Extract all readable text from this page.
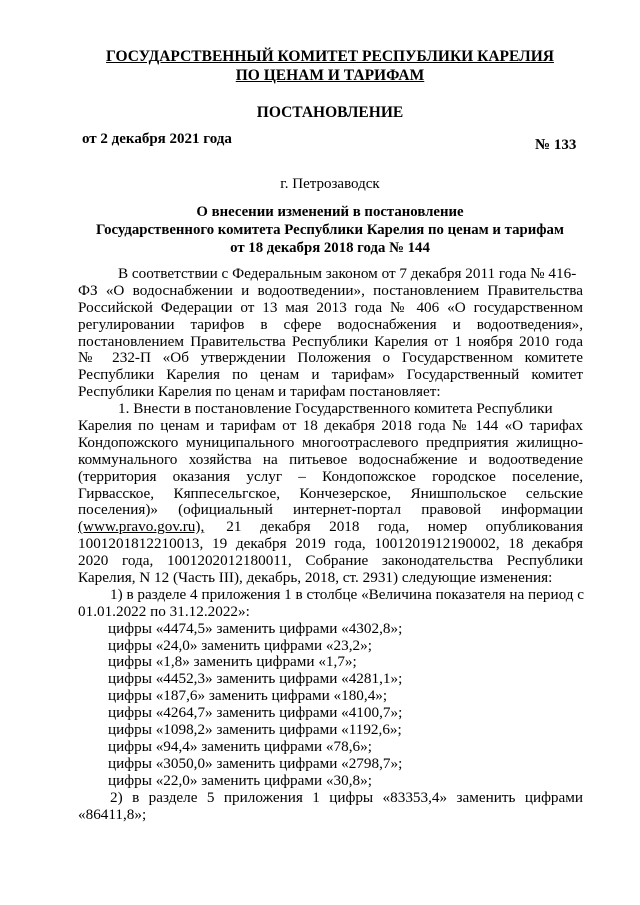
ГОСУДАРСТВЕННЫЙ КОМИТЕТ РЕСПУБЛИКИ КАРЕЛИЯ
ПО ЦЕНАМ И ТАРИФАМ
ПОСТАНОВЛЕНИЕ
от 2 декабря 2021 года	№ 133
г. Петрозаводск
О внесении изменений в постановление
Государственного комитета Республики Карелия по ценам и тарифам
от 18 декабря 2018 года № 144
В соответствии с Федеральным законом от 7 декабря 2011 года № 416-
ФЗ «О водоснабжении и водоотведении», постановлением Правительства
Российской Федерации от 13 мая 2013 года № 406 «О государственном
регулировании тарифов в сфере водоснабжения и водоотведения»,
постановлением Правительства Республики Карелия от 1 ноября 2010 года
№ 232-П «Об утверждении Положения о Государственном комитете
Республики Карелия по ценам и тарифам» Государственный комитет
Республики Карелия по ценам и тарифам постановляет:
1. Внести в постановление Государственного комитета Республики
Карелия по ценам и тарифам от 18 декабря 2018 года № 144 «О тарифах
Кондопожского муниципального многоотраслевого предприятия жилищно-
коммунального хозяйства на питьевое водоснабжение и водоотведение
(территория оказания услуг – Кондопожское городское поселение,
Гирвасское, Кяппесельгское, Кончезерское, Янишпольское сельские
поселения)» (официальный интернет-портал правовой информации
(www.pravo.gov.ru), 21 декабря 2018 года, номер опубликования
1001201812210013, 19 декабря 2019 года, 1001201912190002, 18 декабря
2020 года, 1001202012180011, Собрание законодательства Республики
Карелия, N 12 (Часть III), декабрь, 2018, ст. 2931) следующие изменения:
1) в разделе 4 приложения 1 в столбце «Величина показателя на период с
01.01.2022 по 31.12.2022»:
цифры «4474,5» заменить цифрами «4302,8»;
цифры «24,0» заменить цифрами «23,2»;
цифры «1,8» заменить цифрами «1,7»;
цифры «4452,3» заменить цифрами «4281,1»;
цифры «187,6» заменить цифрами «180,4»;
цифры «4264,7» заменить цифрами «4100,7»;
цифры «1098,2» заменить цифрами «1192,6»;
цифры «94,4» заменить цифрами «78,6»;
цифры «3050,0» заменить цифрами «2798,7»;
цифры «22,0» заменить цифрами «30,8»;
2) в разделе 5 приложения 1 цифры «83353,4» заменить цифрами
«86411,8»;
